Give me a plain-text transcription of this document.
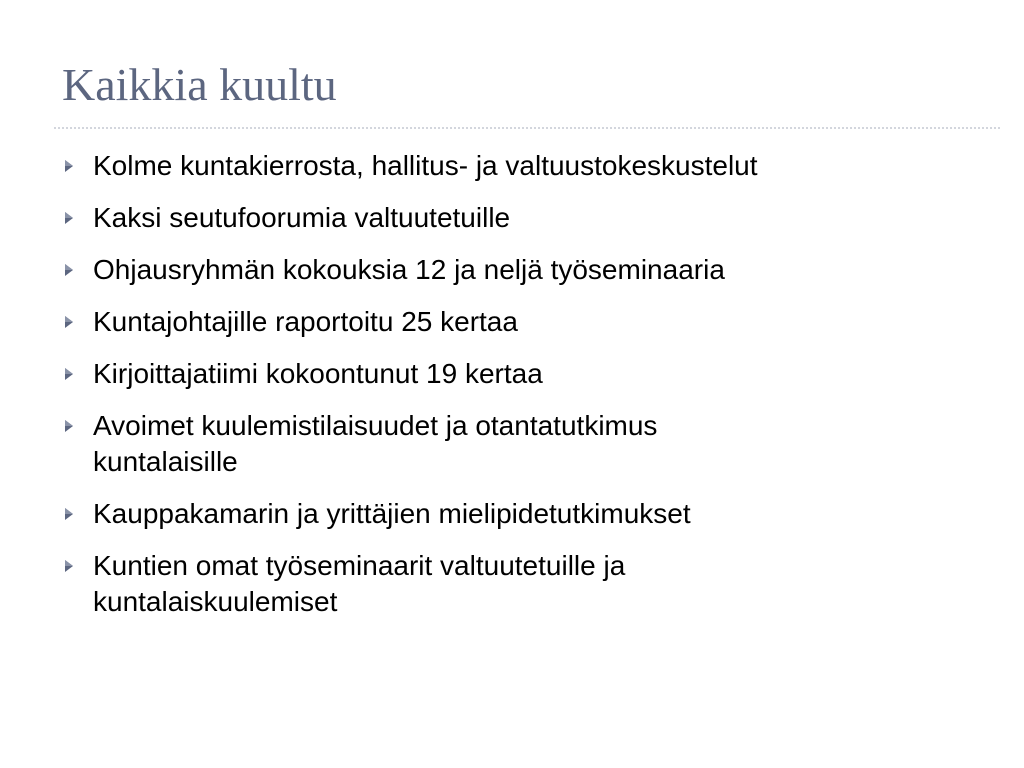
Kaikkia kuultu
Kolme kuntakierrosta, hallitus- ja valtuustokeskustelut
Kaksi seutufoorumia valtuutetuille
Ohjausryhmän kokouksia 12 ja neljä työseminaaria
Kuntajohtajille raportoitu 25 kertaa
Kirjoittajatiimi kokoontunut 19 kertaa
Avoimet kuulemistilaisuudet ja otantatutkimus kuntalaisille
Kauppakamarin ja yrittäjien mielipidetutkimukset
Kuntien omat työseminaarit valtuutetuille ja kuntalaiskuulemiset
